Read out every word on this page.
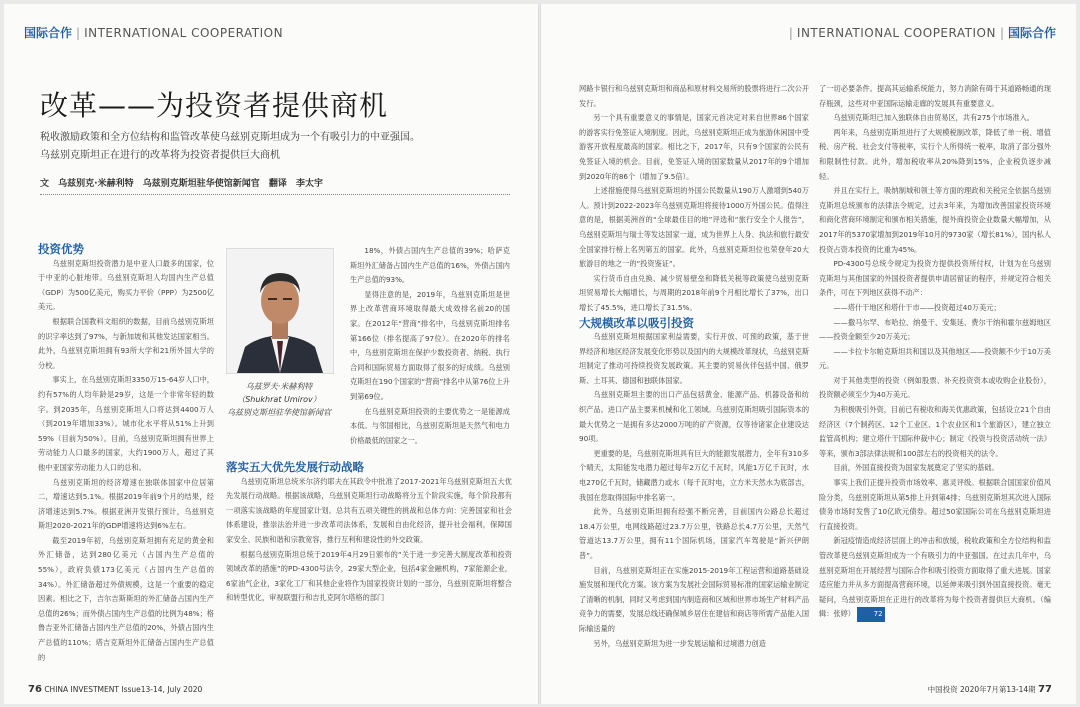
国际合作 | INTERNATIONAL COOPERATION
改革——为投资者提供商机

税收激励政策和全方位结构和监管改革使乌兹别克斯坦成为一个有吸引力的中亚强国。

乌兹别克斯坦正在进行的改革将为投资者提供巨大商机

文 乌兹别克·米赫利特 乌兹别克斯坦驻华使馆新闻官 翻译 李太宇

投资优势

乌兹别克斯坦投资潜力是中亚人口最多的国家，位于中亚的心脏地带。乌兹别克斯坦人均国内生产总值（GDP）为500亿美元，购买力平价（PPP）为2500亿美元。

根据联合国教科文组织的数据，目前乌兹别克斯坦的识字率达到了97%，与新加坡和其他发达国家相当。此外，乌兹别克斯坦拥有93所大学和21所外国大学的分校。

事实上，在乌兹别克斯坦3350万15-64岁人口中，约有57%的人均年龄是29岁，这是一个非常年轻的数字。到2035年，乌兹别克斯坦人口将达到4400万人（到2019年增加33%）。城市化水平将从51%上升到59%（目前为50%）。目前，乌兹别克斯坦拥有世界上劳动能力人口最多的国家，大约1900万人，超过了其他中亚国家劳动能力人口的总和。

乌兹别克斯坦的经济增速在独联体国家中位居第二，增速达到5.1%。根据2019年前9个月的结果，经济增速达到5.7%。根据亚洲开发银行预计，乌兹别克斯坦2020-2021年的GDP增速将达到6%左右。

截至2019年初，乌兹别克斯坦拥有充足的黄金和外汇储备，达到280亿美元（占国内生产总值的55%），政府负债173亿美元（占国内生产总值的34%）。外汇储备超过外债规模，这是一个重要的稳定因素。相比之下，吉尔吉斯斯坦的外汇储备占国内生产总值的26%；而外债占国内生产总值的比例为48%；格鲁吉亚外汇储备占国内生产总值的20%，外债占国内生产总值的110%；塔吉克斯坦外汇储备占国内生产总值的

乌兹罗夫·米赫利特
（Shukhrat Umirov）
乌兹别克斯坦驻华使馆新闻官

18%，外债占国内生产总值的39%；哈萨克斯坦外汇储备占国内生产总值的16%，外债占国内生产总值的93%。

显得注意的是，2019年，乌兹别克斯坦是世界上改革营商环境取得最大成效排名前20的国家。在2012年“营商”排名中，乌兹别克斯坦排名第166位（排名提高了97位）。在2020年的排名中，乌兹别克斯坦在保护少数投资者、纳税、执行合同和国际贸易方面取得了很多的好成绩。乌兹别克斯坦在190个国家的“营商”排名中从第76位上升到第69位。

在乌兹别克斯坦投资的主要优势之一是能源成本低。与邻国相比，乌兹别克斯坦是天然气和电力价格最低的国家之一。

落实五大优先发展行动战略

乌兹别克斯坦总统米尔济约耶夫在其政令中批准了2017-2021年乌兹别克斯坦五大优先发展行动战略。根据该战略，乌兹别克斯坦行动战略将分五个阶段实施，每个阶段都有一项落实该战略的年度国家计划。总共有五项关键性的挑战和总体方向：完善国家和社会体系建设，推崇法治并进一步改革司法体系，发展和自由化经济，提升社会福利，保障国家安全、民族和谐和宗教宽容，推行互利和建设性的外交政策。

根据乌兹别克斯坦总统于2019年4月29日颁布的“关于进一步完善大制度改革和投资领域改革的措施”的PD-4300号法令，29家大型企业，包括4家金融机构，7家能源企业，6家油气企业，3家化工厂和其他企业将作为国家投资计划的一部分，乌兹别克斯坦将整合和转型优化，审视联盟行和吉扎克阿尔塔格的部门

76 CHINA INVESTMENT Issue13-14, July 2020
| INTERNATIONAL COOPERATION | 国际合作

网路卡银行和乌兹别克斯坦和商品和原材料交易所的股票将进行二次公开发行。

另一个具有重要意义的事情是，国家元首决定对来自世界86个国家的游客实行免签证入境制度。因此，乌兹别克斯坦正成为旅游休闲国中受游客开放程度最高的国家。相比之下，2017年，只有9个国家的公民有免签证入境的机会。目前，免签证入境的国家数量从2017年的9个增加到2020年的86个（增加了9.5倍）。

上述措施使得乌兹别克斯坦的外国公民数量从190万人激增到540万人。预计到2022-2023年乌兹别克斯坦将接待1000万外国公民。值得注意的是，根据美洲首的“全球最佳目的地”评选和“旅行安全个人报告”，乌兹别克斯坦与瑞士等发达国家一道，成为世界上人身、执法和旅行最安全国家排行榜上名列第五的国家。此外，乌兹别克斯坦位也荣登年20大旅游目的地之一的“投资鉴证”。

实行货币自由兑换、减少贸易壁垒和降低关税等政策使乌兹别克斯坦贸易增长大幅增长，与周期的2018年前9个月相比增长了37%，出口增长了45.5%，进口增长了31.5%。

大规模改革以吸引投资

乌兹别克斯坦根据国家利益需要，实行开放、可预的政策，基于世界经济和地区经济发展变化形势以及国内的大规模改革现状，乌兹别克斯坦制定了推动可持续投资发展政策。其主要的贸易伙伴包括中国、俄罗斯、土耳其、德国和独联体国家。

乌兹别克斯坦主要的出口产品包括黄金、能源产品、机器设备和纺织产品。进口产品主要来机械和化工领域。乌兹别克斯坦吸引国际资本的最大优势之一是拥有多达2000万吨的矿产资源，仅等待诸家企业建设达90项。

更重要的是，乌兹别克斯坦具有巨大的能源发展潜力，全年有310多个晴天，太阳能发电潜力超过每年2万亿千瓦时，风能1万亿千瓦时，水电270亿千瓦时，储藏潜力或水（每千瓦时电，立方米天然水为底部吉，我国在您取得国际中排名第一。

此外，乌兹别克斯坦拥有经强不断完善，目前国内公路总长超过18.4万公里，电网线路超过23.7万公里，铁路总长4.7万公里，天然气管道达13.7万公里，拥有11个国际机场，国家汽车驾驶是“新兴伊朗普”。

目前，乌兹别克斯坦正在实施2015-2019年工程运营和道路基础设施发展和现代化方案。该方案为发展社会国际贸易标准的国家运输业制定了清晰的机制，同时又考虑到国内制造商和区域和世界市场生产材料产品竞争力的需要，发展总线还确保城乡居住在建信和商店等所需产品能入国际输送量的

另外，乌兹别克斯坦为进一步发展运输和过境潜力创造

了一切必要条件。提高其运输系统能力，努力消除有碍于其道路畅通的现存瓶颈，这些对中亚国际运输走廊的发展具有重要意义。

乌兹别克斯坦已加入独联体自由贸易区，共有275个市场准入。

两年来，乌兹别克斯坦进行了大规模税制改革，降低了单一税、增值税、房产税、社会支付等税率，实行个人所得统一税率，取消了部分强外和限制性付款。此外，增加税收率从20%降到15%，企业税负逐步减轻。

并且在实行上，吸纳制城和领土等方面的理政和关税完全依据乌兹别克斯坦总统颁布的法律法令规定，过去3年来，为增加改善国家投资环境和商化营商环境制定和颁布相关措施，提外商投资企业数量大幅增加，从2017年的5370家增加到2019年10月的9730家（增长81%），国内私人投资占资本投资的比重为45%。

PD-4300号总统令规定为投资方提供投资所付权，计划为在乌兹别克斯坦与其他国家的外国投资者提供申请居留证的程序，并规定符合相关条件，可在下列地区获得不动产：

——塔什干地区和塔什干市——投资超过40万美元；

——撒马尔罕、布哈拉、纳曼干、安集延、费尔干纳和霍尔兹姆地区——投资金额至少20万美元；

——卡拉卡尔帕克斯坦共和国以及其他地区——投资额不少于10万美元。

对于其他类型的投资（例如股票、补充投资资本或收购企业股份），投资额必须至少为40万美元。

为积极吸引外资，目前已有税收和海关优惠政策，包括设立21个自由经济区（7个制药区、12个工业区、1个农业区和1个旅游区），建立独立监管高机构；建立塔什干国际仲裁中心；制定《投资与投资活动统一法》等来，颁布3部法律法规和100部左右的投资相关的法令。

目前，外国直接投资为国家发展奠定了坚实的基础。

事实上我们正提升投资市场效率、惠灵评级。根据联合国国家价值风险分类，乌兹别克斯坦从第5排上升到第4排；乌兹别克斯坦其次进入国际债务市场时发售了10亿欧元债券。超过50家国际公司在乌兹别克斯坦进行直接投资。

新冠疫情造成经济层面上的冲击和放缓，税收政策和全方位结构和监管改革使乌兹别克斯坦成为一个有吸引力的中亚强国。在过去几年中，乌兹别克斯坦在开展经营与国际合作和吸引投资方面取得了重大进展。国家适应能力并从多方面提高营商环境，以延伸来吸引到外国直接投资。毫无疑问，乌兹别克斯坦在正进行的改革将为每个投资者提供巨大商机。（编辑：张婷）	72

中国投资 2020年7月第13-14期 77
